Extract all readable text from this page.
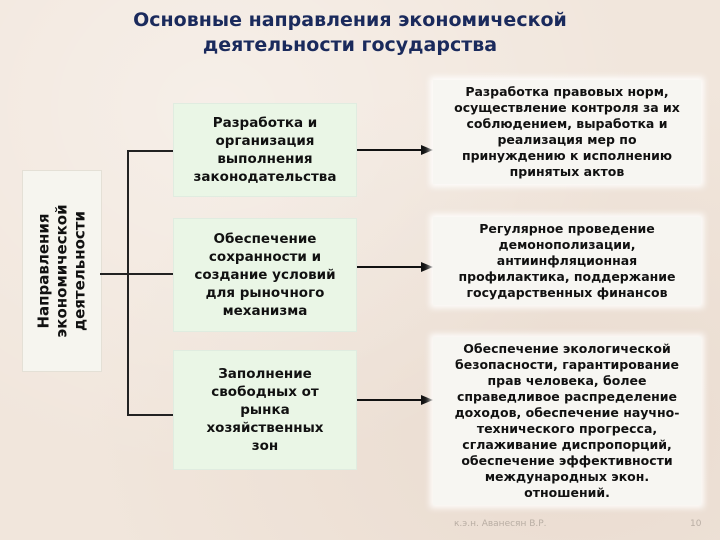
Основные направления экономической
деятельности государства
Направления экономической деятельности
Разработка и
организация
выполнения
законодательства
Обеспечение
сохранности и
создание условий
для рыночного
механизма
Заполнение
свободных от
рынка
хозяйственных
зон
Разработка правовых норм,
осуществление контроля за их
соблюдением, выработка и
реализация мер по
принуждению к исполнению
принятых актов
Регулярное проведение
демонополизации,
антиинфляционная
профилактика, поддержание
государственных финансов
Обеспечение экологической
безопасности, гарантирование
прав человека, более
справедливое распределение
доходов, обеспечение научно-
технического прогресса,
сглаживание диспропорций,
обеспечение эффективности
международных экон.
отношений.
к.э.н. Аванесян В.Р.	10
